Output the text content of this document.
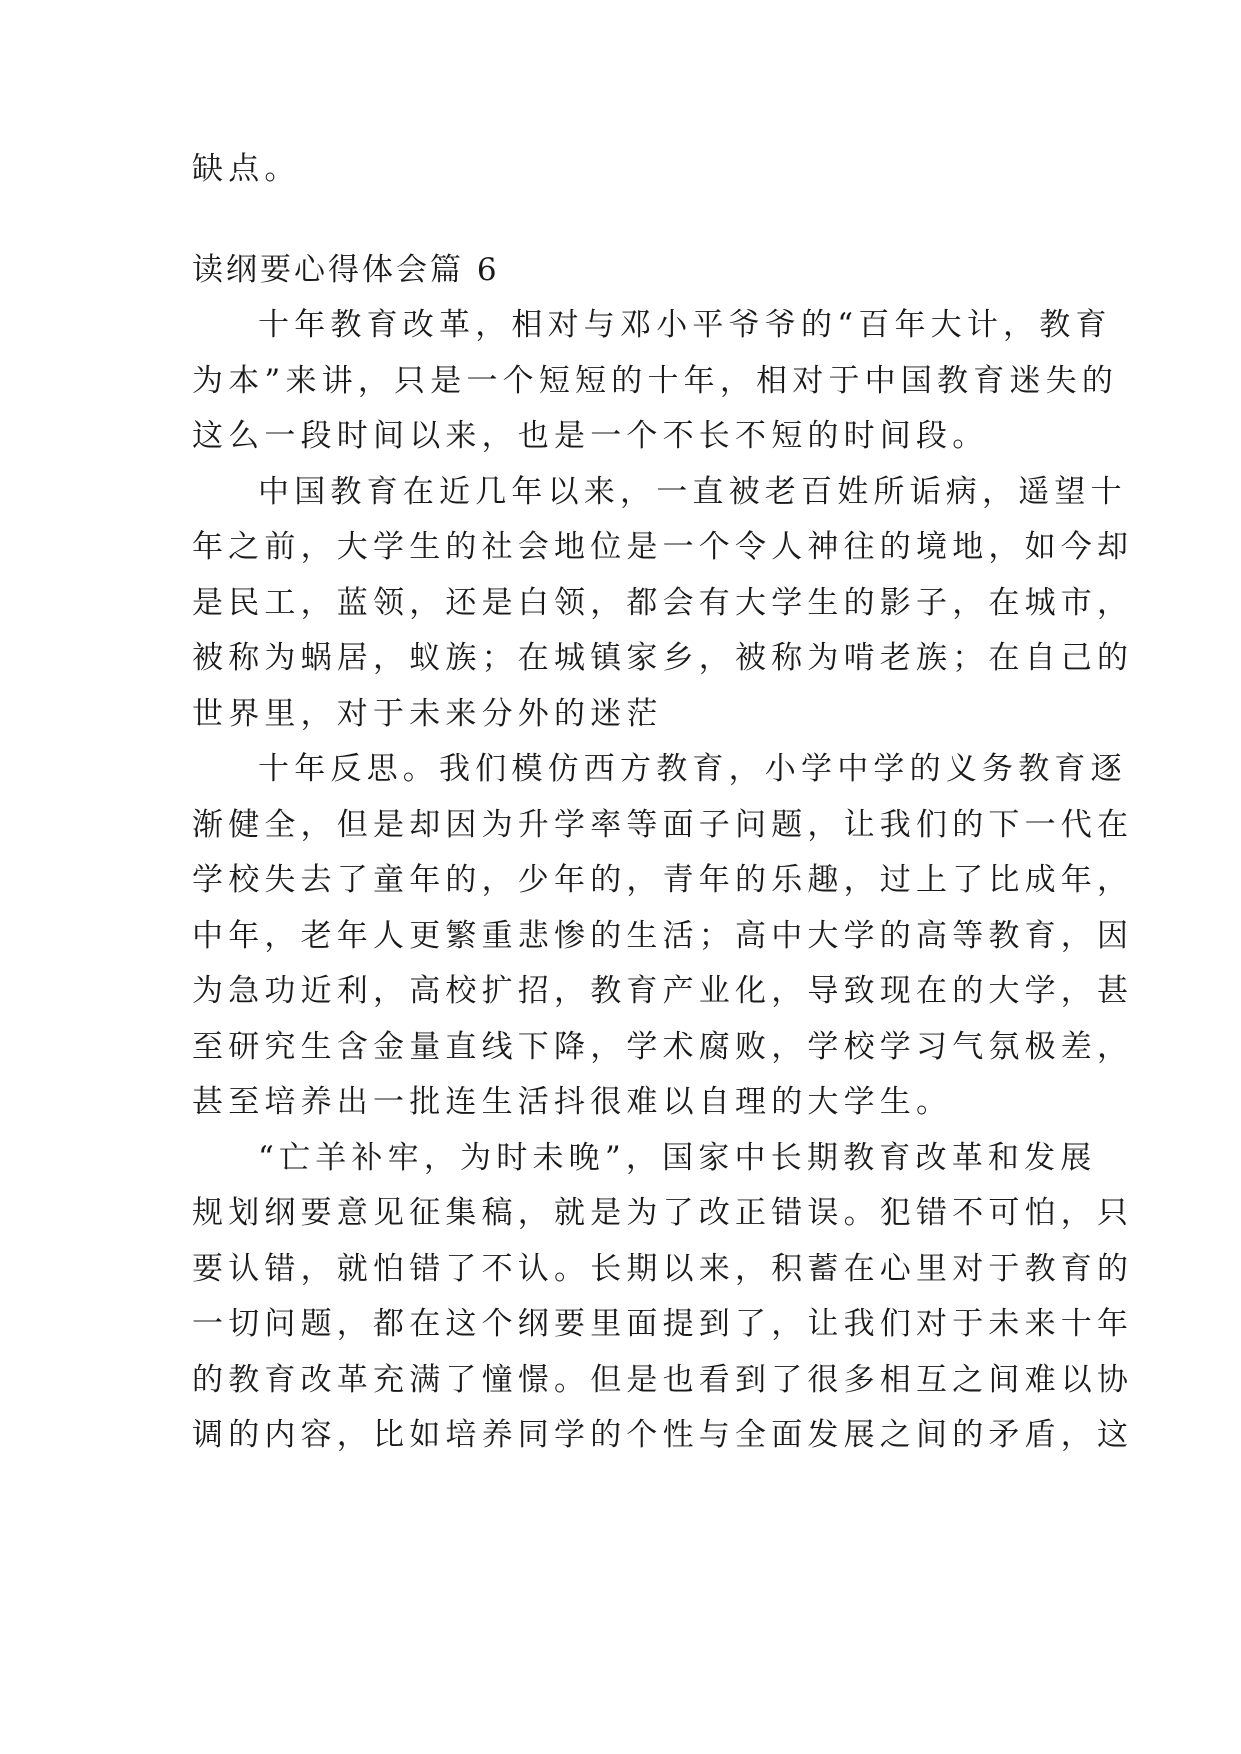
缺点。
读纲要心得体会篇 6
十年教育改革，相对与邓小平爷爷的“百年大计，教育
为本”来讲，只是一个短短的十年，相对于中国教育迷失的
这么一段时间以来，也是一个不长不短的时间段。
中国教育在近几年以来，一直被老百姓所诟病，遥望十
年之前，大学生的社会地位是一个令人神往的境地，如今却
是民工，蓝领，还是白领，都会有大学生的影子，在城市，
被称为蜗居，蚁族；在城镇家乡，被称为啃老族；在自己的
世界里，对于未来分外的迷茫
十年反思。我们模仿西方教育，小学中学的义务教育逐
渐健全，但是却因为升学率等面子问题，让我们的下一代在
学校失去了童年的，少年的，青年的乐趣，过上了比成年，
中年，老年人更繁重悲惨的生活；高中大学的高等教育，因
为急功近利，高校扩招，教育产业化，导致现在的大学，甚
至研究生含金量直线下降，学术腐败，学校学习气氛极差，
甚至培养出一批连生活抖很难以自理的大学生。
“亡羊补牢，为时未晚”，国家中长期教育改革和发展
规划纲要意见征集稿，就是为了改正错误。犯错不可怕，只
要认错，就怕错了不认。长期以来，积蓄在心里对于教育的
一切问题，都在这个纲要里面提到了，让我们对于未来十年
的教育改革充满了憧憬。但是也看到了很多相互之间难以协
调的内容，比如培养同学的个性与全面发展之间的矛盾，这
